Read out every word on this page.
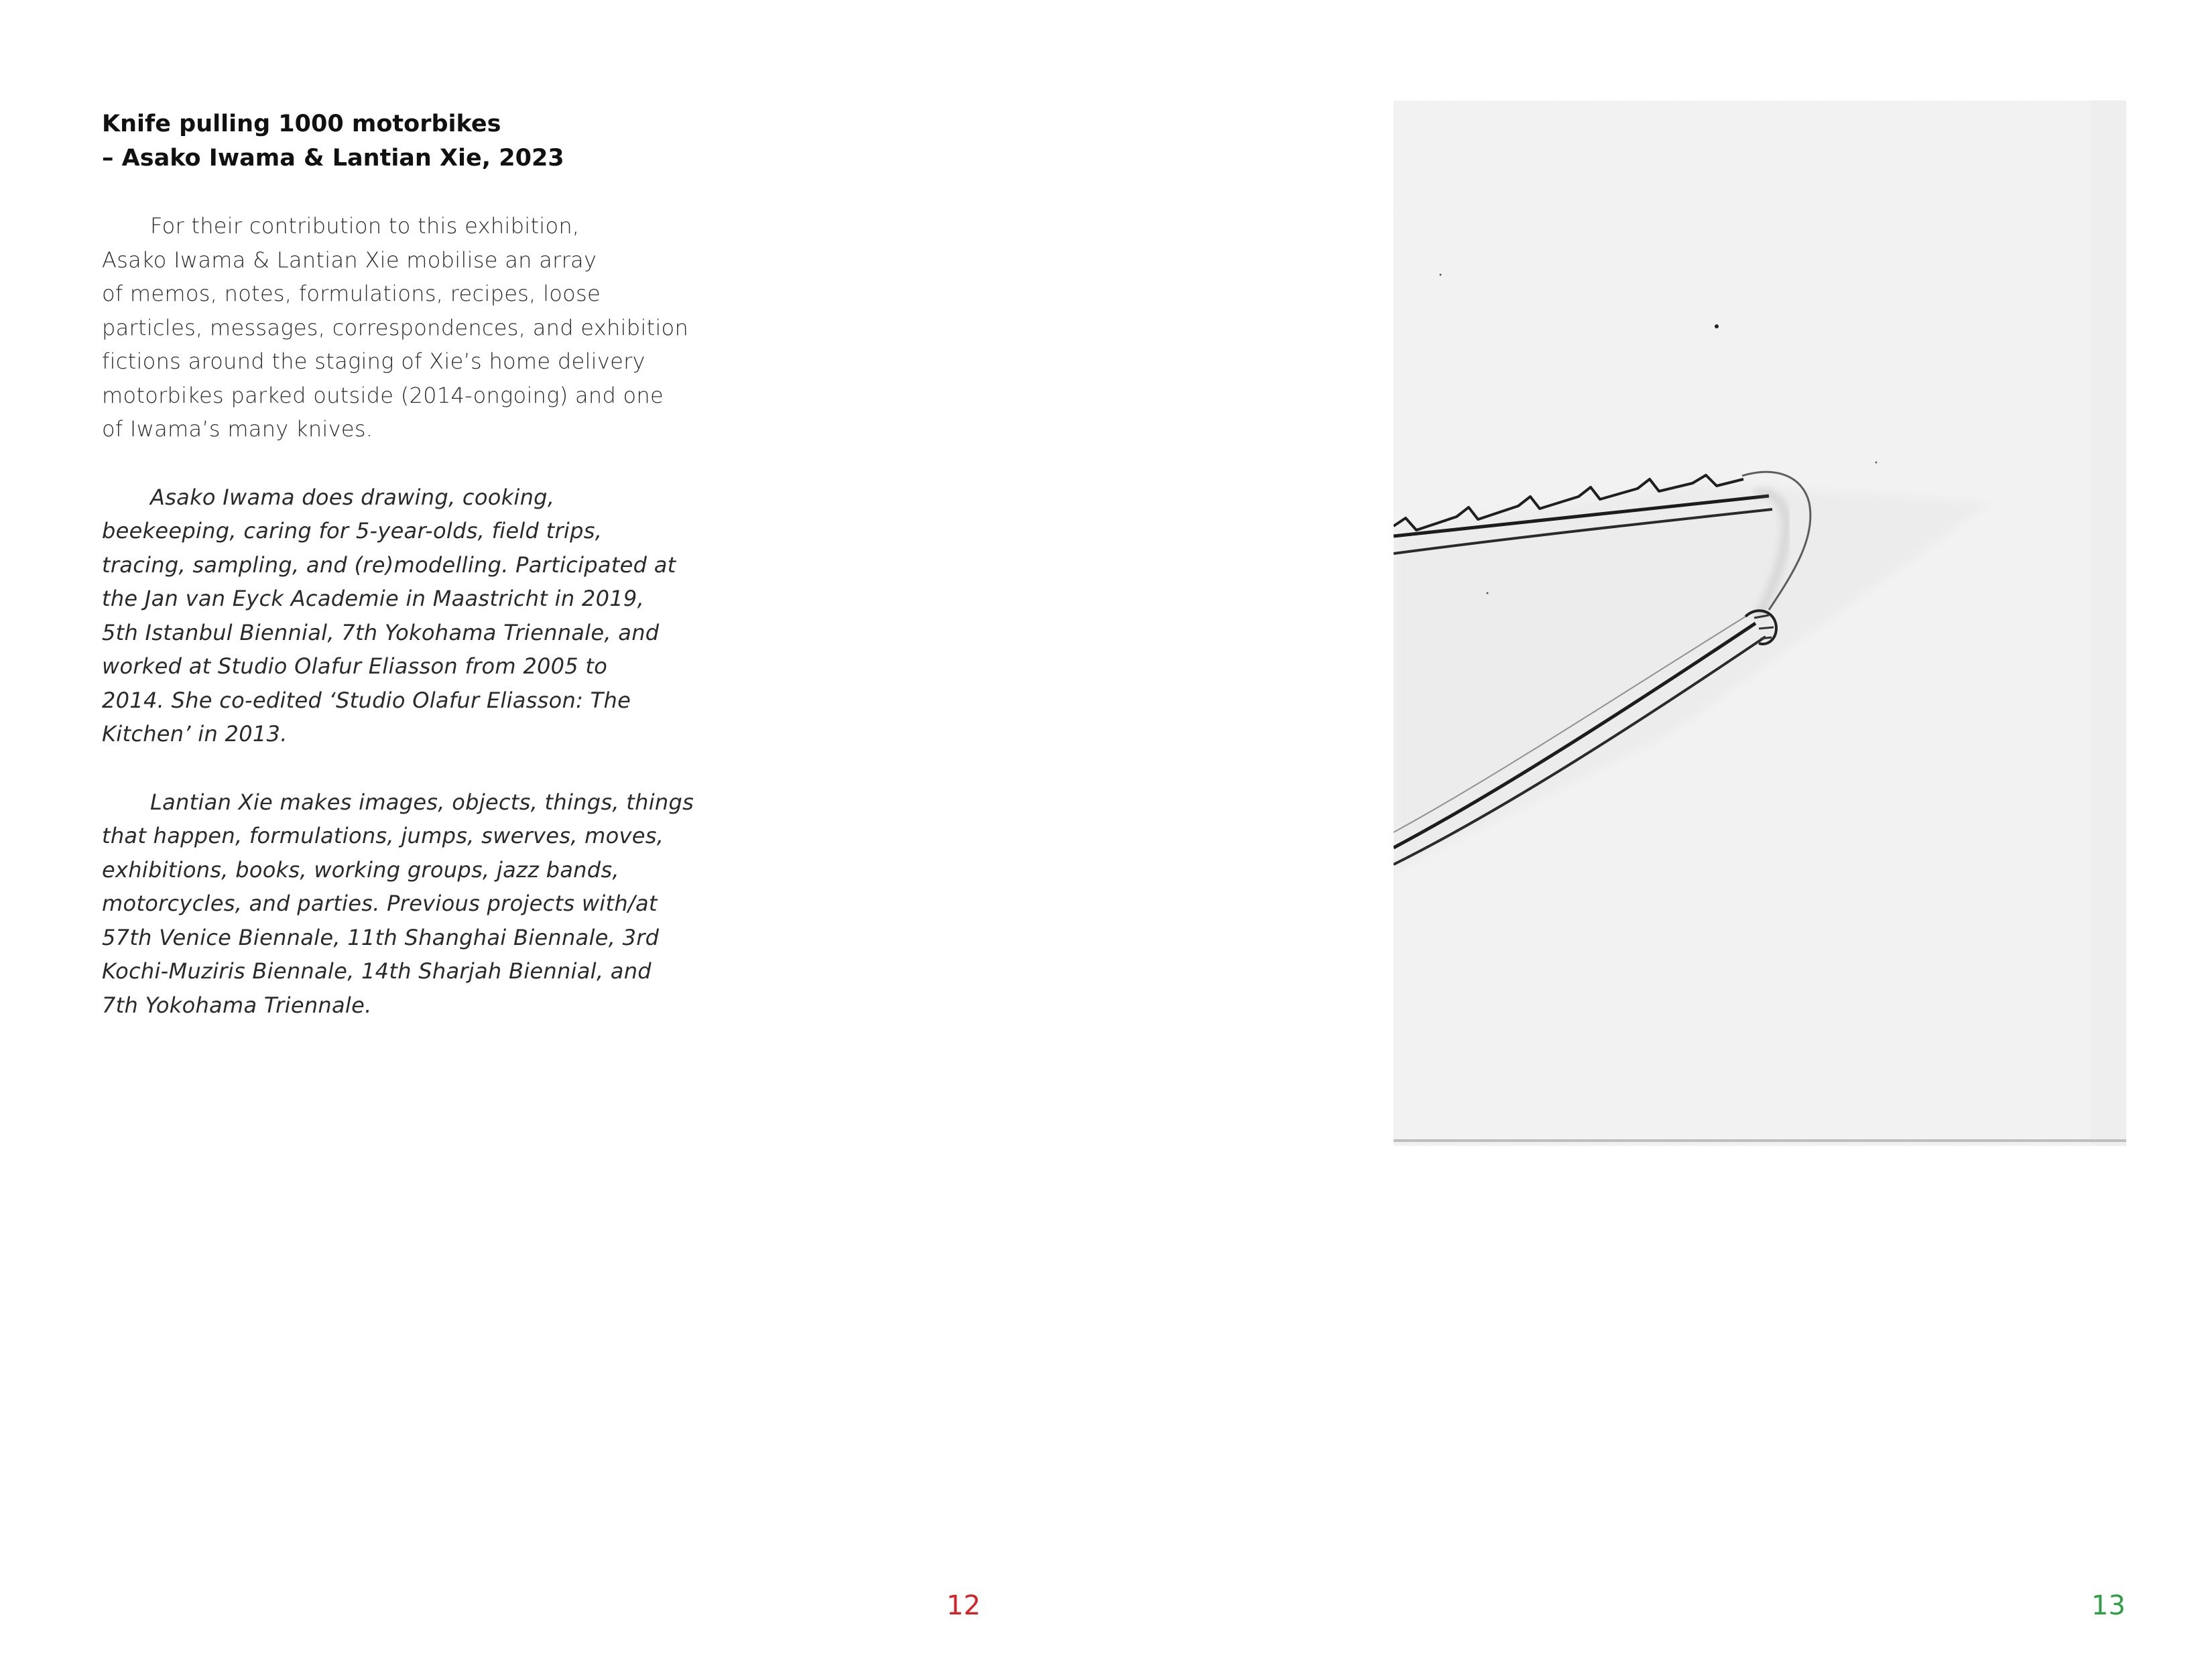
Knife pulling 1000 motorbikes
– Asako Iwama & Lantian Xie, 2023
For their contribution to this exhibition,
Asako Iwama & Lantian Xie mobilise an array
of memos, notes, formulations, recipes, loose
particles, messages, correspondences, and exhibition
fictions around the staging of Xie’s home delivery
motorbikes parked outside (2014-ongoing) and one
of Iwama’s many knives.
Asako Iwama does drawing, cooking,
beekeeping, caring for 5-year-olds, field trips,
tracing, sampling, and (re)modelling. Participated at
the Jan van Eyck Academie in Maastricht in 2019,
5th Istanbul Biennial, 7th Yokohama Triennale, and
worked at Studio Olafur Eliasson from 2005 to
2014. She co-edited ‘Studio Olafur Eliasson: The
Kitchen’ in 2013.
Lantian Xie makes images, objects, things, things
that happen, formulations, jumps, swerves, moves,
exhibitions, books, working groups, jazz bands,
motorcycles, and parties. Previous projects with/at
57th Venice Biennale, 11th Shanghai Biennale, 3rd
Kochi-Muziris Biennale, 14th Sharjah Biennial, and
7th Yokohama Triennale.
12	13
